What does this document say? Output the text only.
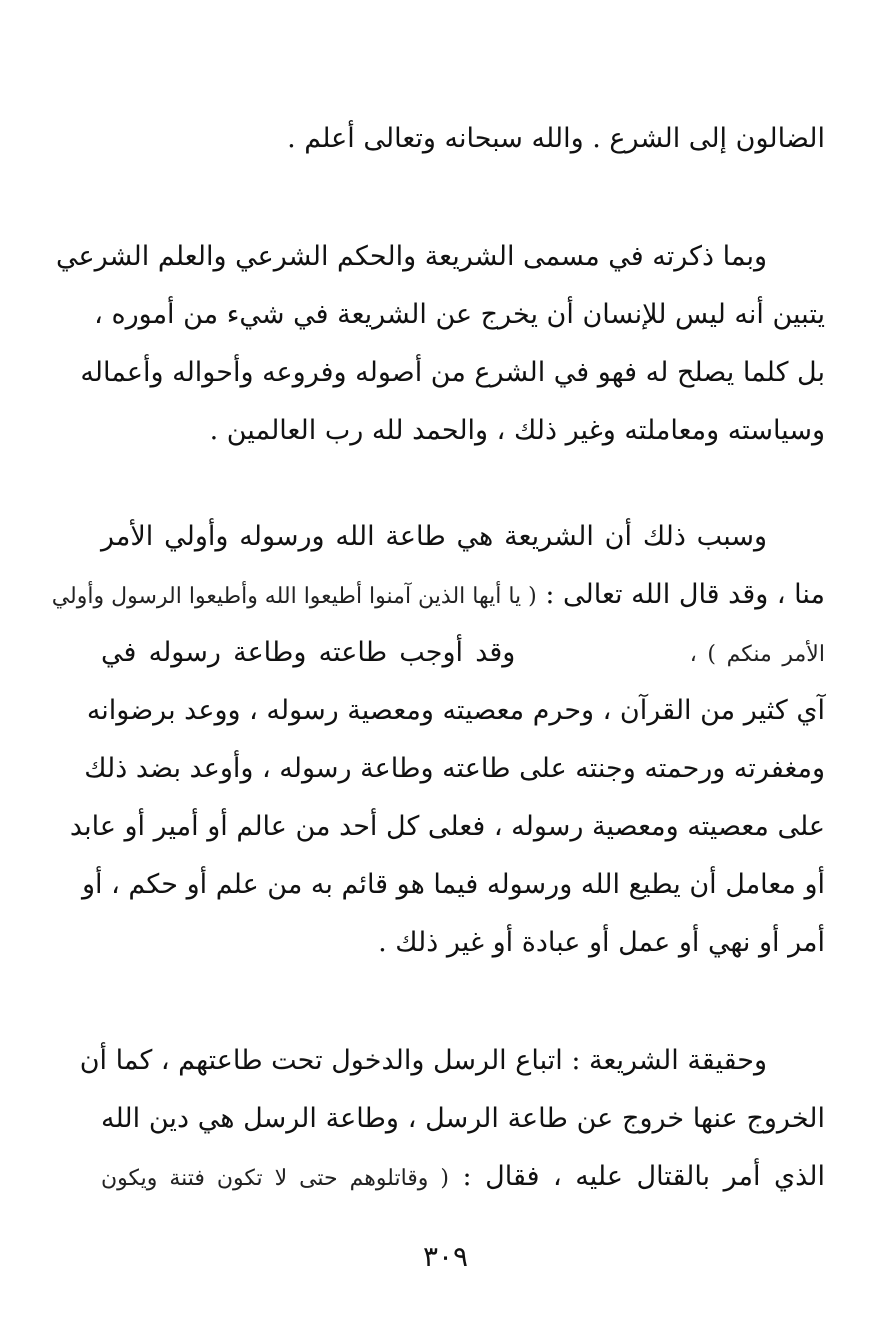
الضالون إلى الشرع . والله سبحانه وتعالى أعلم .
وبما ذكرته في مسمى الشريعة والحكم الشرعي والعلم الشرعي
يتبين أنه ليس للإنسان أن يخرج عن الشريعة في شيء من أموره ،
بل كلما يصلح له فهو في الشرع من أصوله وفروعه وأحواله وأعماله
وسياسته ومعاملته وغير ذلك ، والحمد لله رب العالمين .
وسبب ذلك أن الشريعة هي طاعة الله ورسوله وأولي الأمر
منا ، وقد قال الله تعالى : ( يا أيها الذين آمنوا أطيعوا الله وأطيعوا الرسول وأولي
الأمر منكم ) ،  وقد أوجب طاعته وطاعة رسوله في
آي كثير من القرآن ، وحرم معصيته ومعصية رسوله ، ووعد برضوانه
ومغفرته ورحمته وجنته على طاعته وطاعة رسوله ، وأوعد بضد ذلك
على معصيته ومعصية رسوله ، فعلى كل أحد من عالم أو أمير أو عابد
أو معامل أن يطيع الله ورسوله فيما هو قائم به من علم أو حكم ، أو
أمر أو نهي أو عمل أو عبادة أو غير ذلك .
وحقيقة الشريعة : اتباع الرسل والدخول تحت طاعتهم ، كما أن
الخروج عنها خروج عن طاعة الرسل ، وطاعة الرسل هي دين الله
الذي أمر بالقتال عليه ، فقال : ( وقاتلوهم حتى لا تكون فتنة ويكون
٣٠٩
